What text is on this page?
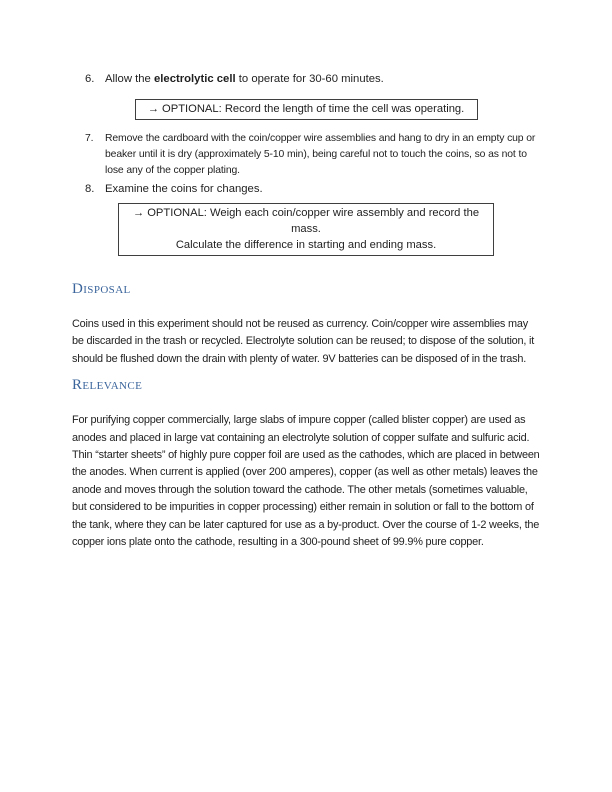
6. Allow the electrolytic cell to operate for 30-60 minutes.
→ OPTIONAL: Record the length of time the cell was operating.
7.	Remove the cardboard with the coin/copper wire assemblies and hang to dry in an empty cup or beaker until it is dry (approximately 5-10 min), being careful not to touch the coins, so as not to lose any of the copper plating.
8. Examine the coins for changes.
→ OPTIONAL: Weigh each coin/copper wire assembly and record the mass.
Calculate the difference in starting and ending mass.
Disposal

Coins used in this experiment should not be reused as currency. Coin/copper wire assemblies may be discarded in the trash or recycled. Electrolyte solution can be reused; to dispose of the solution, it should be flushed down the drain with plenty of water. 9V batteries can be disposed of in the trash.

Relevance

For purifying copper commercially, large slabs of impure copper (called blister copper) are used as anodes and placed in large vat containing an electrolyte solution of copper sulfate and sulfuric acid. Thin “starter sheets” of highly pure copper foil are used as the cathodes, which are placed in between the anodes. When current is applied (over 200 amperes), copper (as well as other metals) leaves the anode and moves through the solution toward the cathode. The other metals (sometimes valuable, but considered to be impurities in copper processing) either remain in solution or fall to the bottom of the tank, where they can be later captured for use as a by-product. Over the course of 1-2 weeks, the copper ions plate onto the cathode, resulting in a 300-pound sheet of 99.9% pure copper.
